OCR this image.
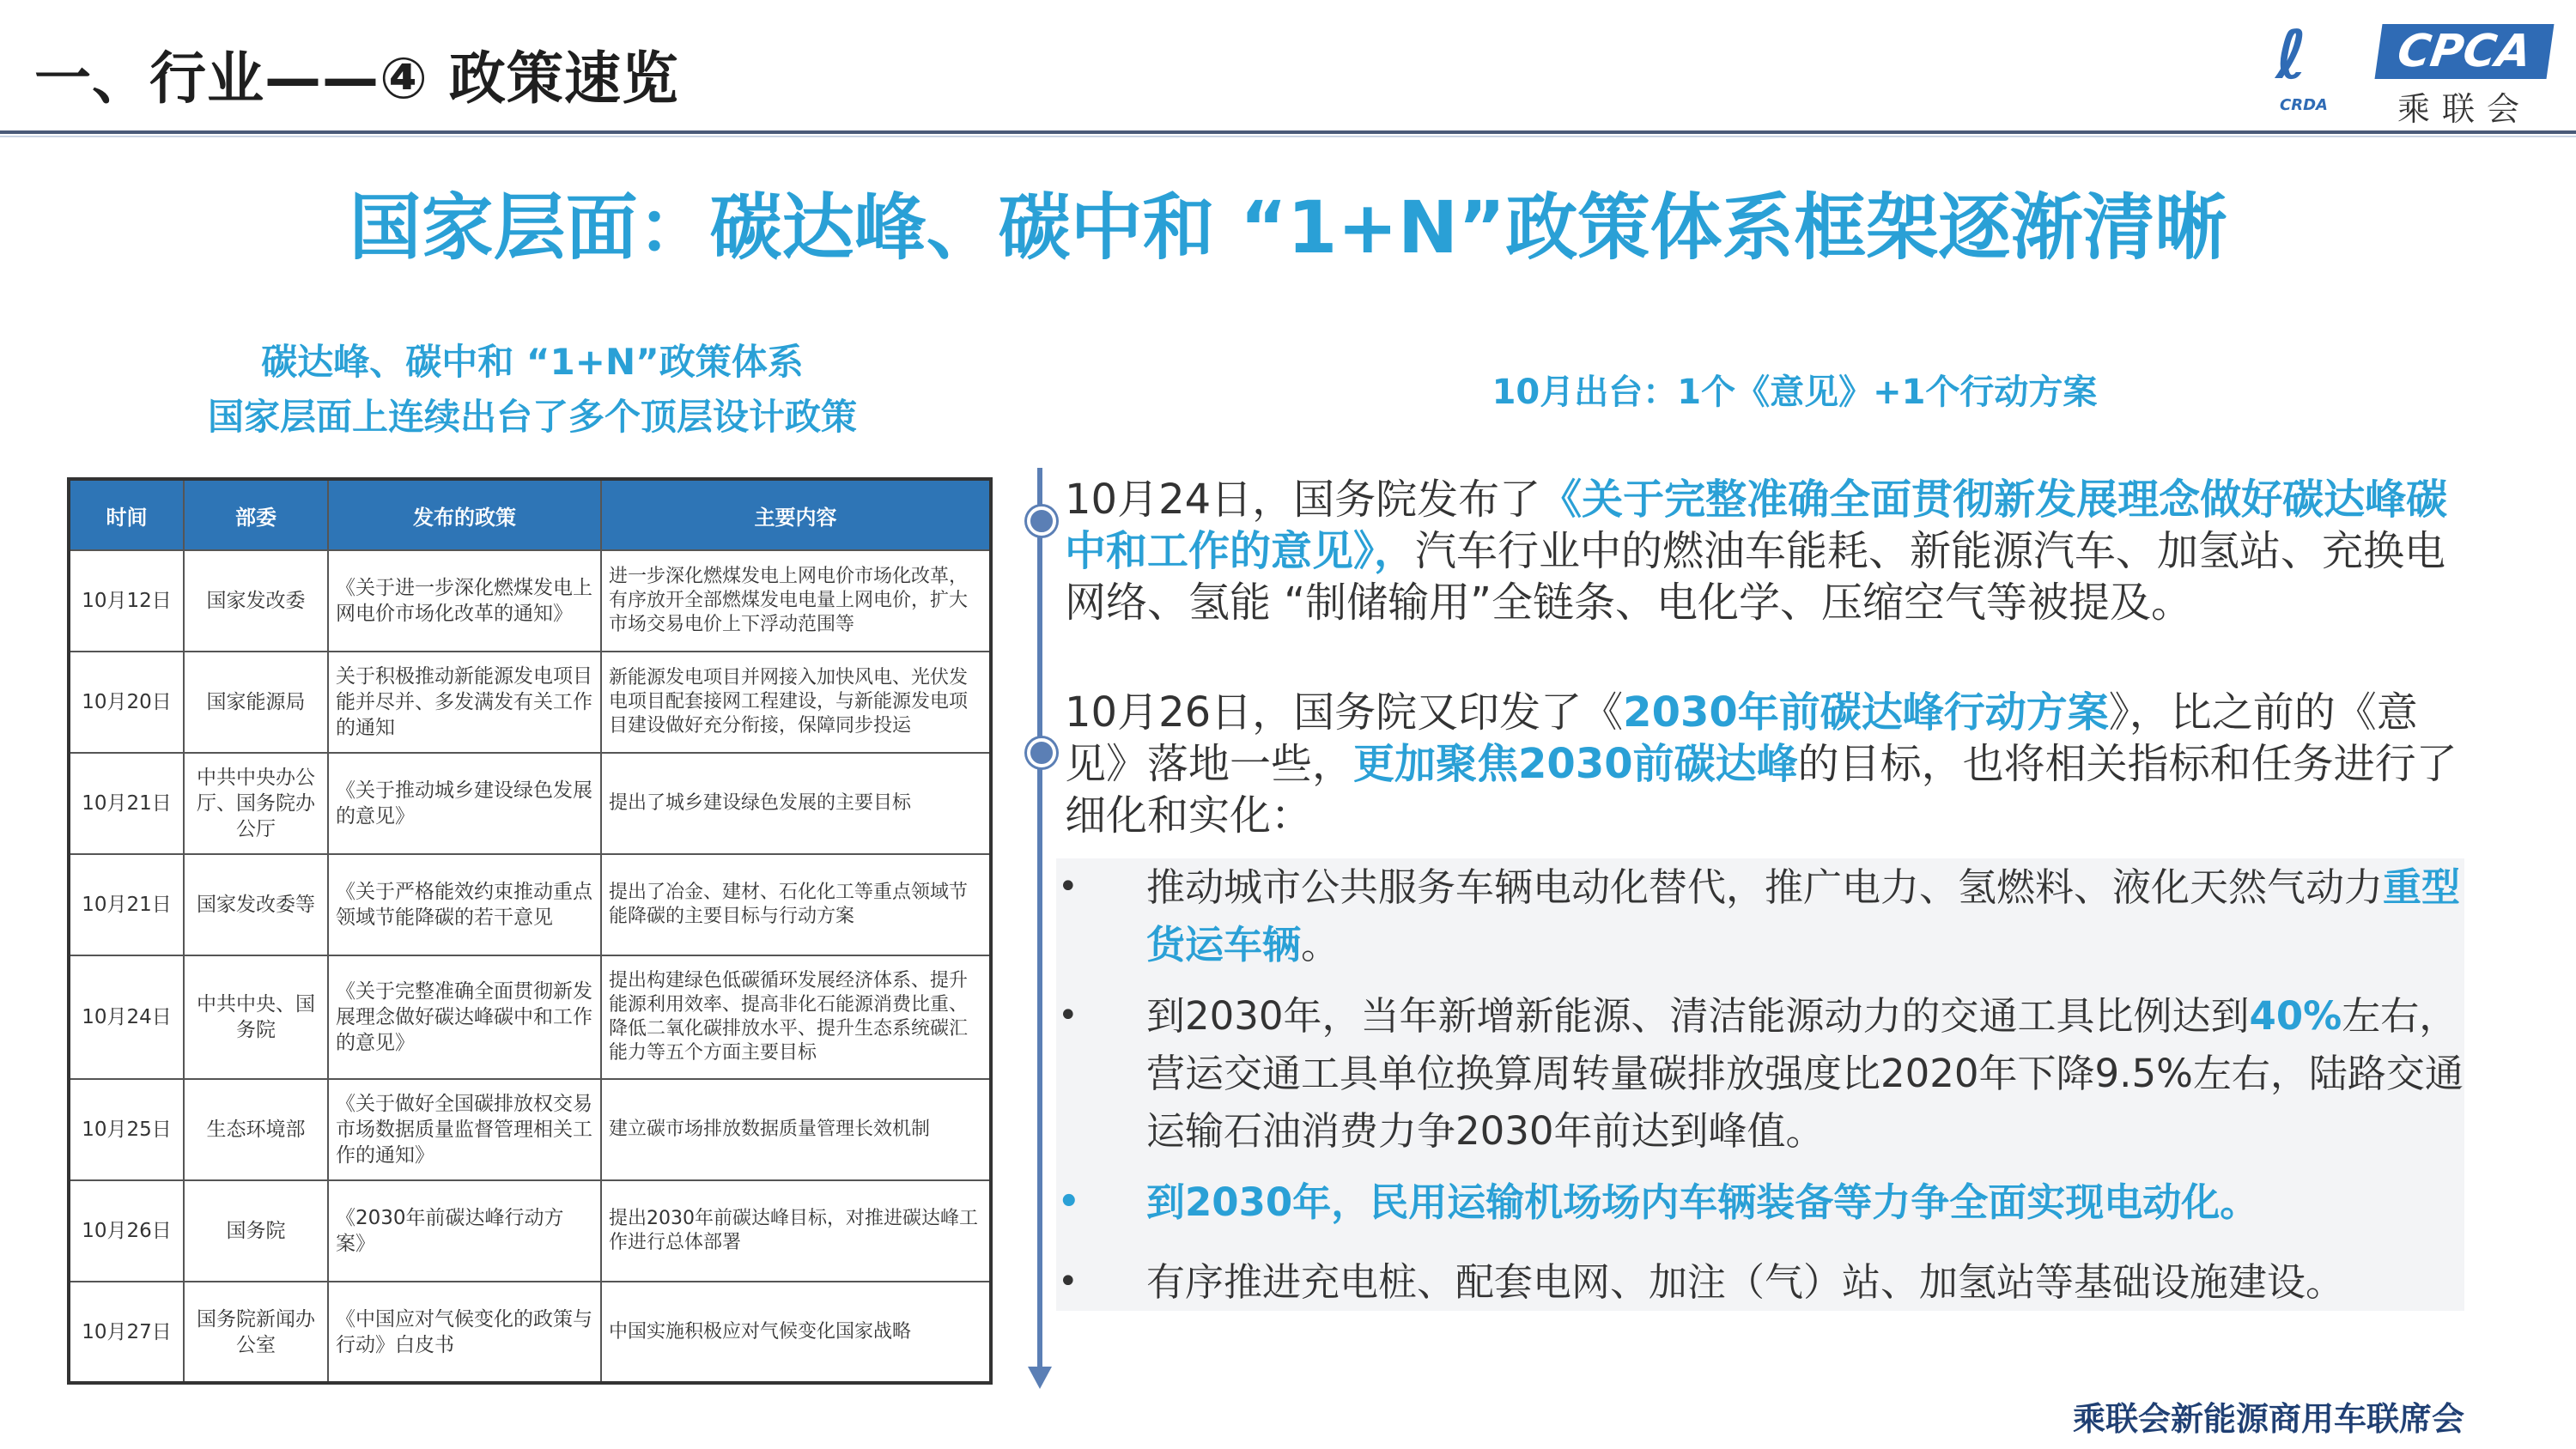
一、行业——④ 政策速览	ℓ
CRDA
CPCA
乘联会
国家层面：碳达峰、碳中和 “1+N”政策体系框架逐渐清晰
碳达峰、碳中和 “1+N”政策体系
国家层面上连续出台了多个顶层设计政策
10月出台：1个《意见》+1个行动方案
时间	部委	发布的政策	主要内容
10月12日	国家发改委	《关于进一步深化燃煤发电上网电价市场化改革的通知》	进一步深化燃煤发电上网电价市场化改革，有序放开全部燃煤发电电量上网电价，扩大市场交易电价上下浮动范围等
10月20日	国家能源局	关于积极推动新能源发电项目能并尽并、多发满发有关工作的通知	新能源发电项目并网接入加快风电、光伏发电项目配套接网工程建设，与新能源发电项目建设做好充分衔接，保障同步投运
10月21日	中共中央办公厅、国务院办公厅	《关于推动城乡建设绿色发展的意见》	提出了城乡建设绿色发展的主要目标
10月21日	国家发改委等	《关于严格能效约束推动重点领域节能降碳的若干意见	提出了冶金、建材、石化化工等重点领域节能降碳的主要目标与行动方案
10月24日	中共中央、国务院	《关于完整准确全面贯彻新发展理念做好碳达峰碳中和工作的意见》	提出构建绿色低碳循环发展经济体系、提升能源利用效率、提高非化石能源消费比重、降低二氧化碳排放水平、提升生态系统碳汇能力等五个方面主要目标
10月25日	生态环境部	《关于做好全国碳排放权交易市场数据质量监督管理相关工作的通知》	建立碳市场排放数据质量管理长效机制
10月26日	国务院	《2030年前碳达峰行动方案》	提出2030年前碳达峰目标，对推进碳达峰工作进行总体部署
10月27日	国务院新闻办公室	《中国应对气候变化的政策与行动》白皮书	中国实施积极应对气候变化国家战略
10月24日，国务院发布了《关于完整准确全面贯彻新发展理念做好碳达峰碳中和工作的意见》，汽车行业中的燃油车能耗、新能源汽车、加氢站、充换电网络、氢能 “制储输用”全链条、电化学、压缩空气等被提及。
10月26日，国务院又印发了《2030年前碳达峰行动方案》，比之前的《意见》落地一些，更加聚焦2030前碳达峰的目标，也将相关指标和任务进行了细化和实化：
• 推动城市公共服务车辆电动化替代，推广电力、氢燃料、液化天然气动力重型货运车辆。
• 到2030年，当年新增新能源、清洁能源动力的交通工具比例达到40%左右，营运交通工具单位换算周转量碳排放强度比2020年下降9.5%左右，陆路交通运输石油消费力争2030年前达到峰值。
• 到2030年，民用运输机场场内车辆装备等力争全面实现电动化。
• 有序推进充电桩、配套电网、加注（气）站、加氢站等基础设施建设。
乘联会新能源商用车联席会
